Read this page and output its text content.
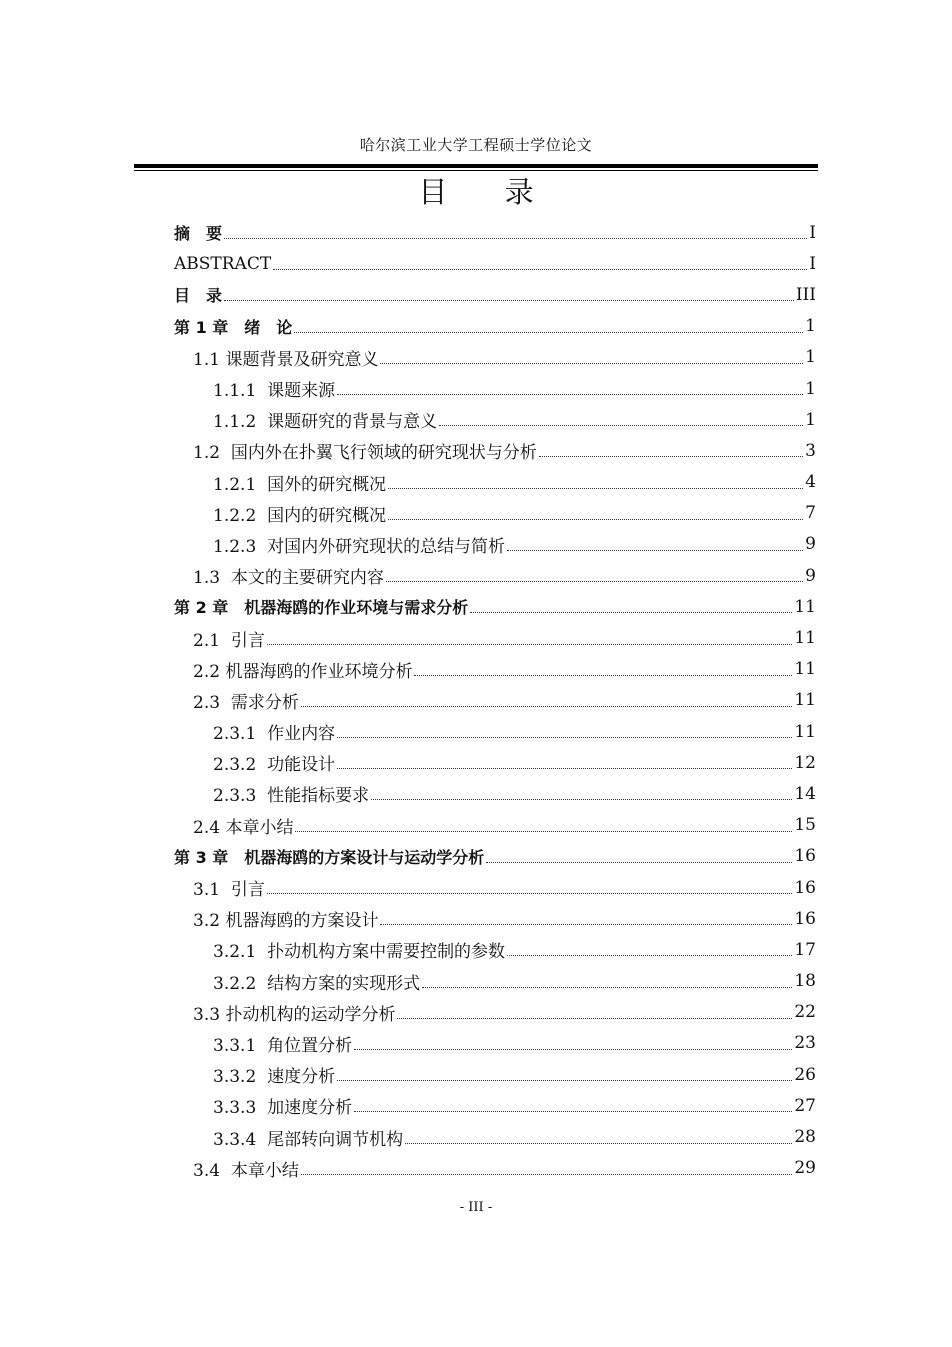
哈尔滨工业大学工程硕士学位论文
目 录
摘　要	I
ABSTRACT	I
目　录	III
第 1 章　绪　论	1
1.1 课题背景及研究意义	1
1.1.1  课题来源	1
1.1.2  课题研究的背景与意义	1
1.2  国内外在扑翼飞行领域的研究现状与分析	3
1.2.1  国外的研究概况	4
1.2.2  国内的研究概况	7
1.2.3  对国内外研究现状的总结与简析	9
1.3  本文的主要研究内容	9
第 2 章　机器海鸥的作业环境与需求分析	11
2.1  引言	11
2.2 机器海鸥的作业环境分析	11
2.3  需求分析	11
2.3.1  作业内容	11
2.3.2  功能设计	12
2.3.3  性能指标要求	14
2.4 本章小结	15
第 3 章　机器海鸥的方案设计与运动学分析	16
3.1  引言	16
3.2 机器海鸥的方案设计	16
3.2.1  扑动机构方案中需要控制的参数	17
3.2.2  结构方案的实现形式	18
3.3 扑动机构的运动学分析	22
3.3.1  角位置分析	23
3.3.2  速度分析	26
3.3.3  加速度分析	27
3.3.4  尾部转向调节机构	28
3.4  本章小结	29
- III -
